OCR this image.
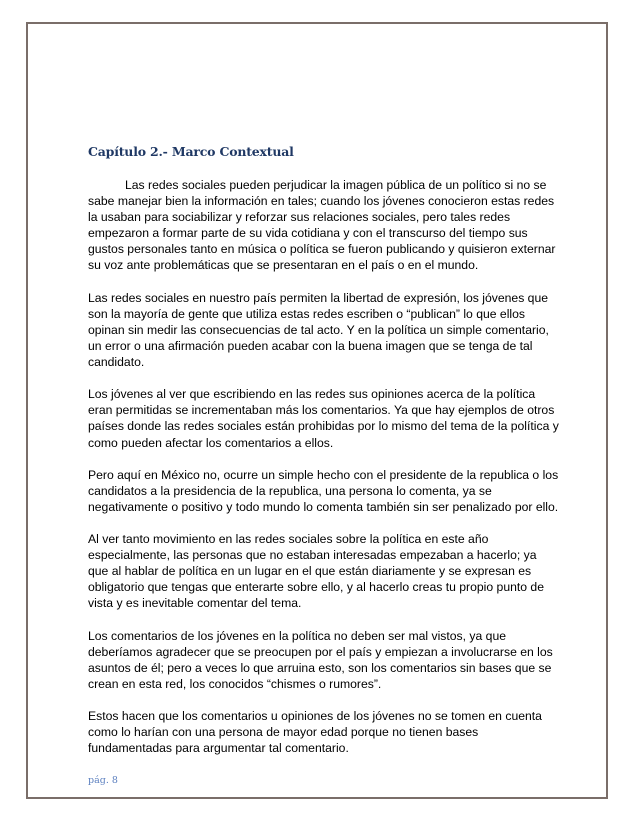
Capítulo 2.- Marco Contextual

Las redes sociales pueden perjudicar la imagen pública de un político si no se sabe manejar bien la información en tales; cuando los jóvenes conocieron estas redes la usaban para sociabilizar y reforzar sus relaciones sociales, pero tales redes empezaron a formar parte de su vida cotidiana y con el transcurso del tiempo sus gustos personales tanto en música o política se fueron publicando y quisieron externar su voz ante problemáticas que se presentaran en el país o en el mundo.

Las redes sociales en nuestro país permiten la libertad de expresión, los jóvenes que son la mayoría de gente que utiliza estas redes escriben o “publican” lo que ellos opinan sin medir las consecuencias de tal acto. Y en la política un simple comentario, un error o una afirmación pueden acabar con la buena imagen que se tenga de tal candidato.

Los jóvenes al ver que escribiendo en las redes sus opiniones acerca de la política eran permitidas se incrementaban más los comentarios. Ya que hay ejemplos de otros países donde las redes sociales están prohibidas por lo mismo del tema de la política y como pueden afectar los comentarios a ellos.

Pero aquí en México no, ocurre un simple hecho con el presidente de la republica o los candidatos a la presidencia de la republica, una persona lo comenta, ya se negativamente o positivo y todo mundo lo comenta también sin ser penalizado por ello.

Al ver tanto movimiento en las redes sociales sobre la política en este año especialmente, las personas que no estaban interesadas empezaban a hacerlo; ya que al hablar de política en un lugar en el que están diariamente y se expresan es obligatorio que tengas que enterarte sobre ello, y al hacerlo creas tu propio punto de vista y es inevitable comentar del tema.

Los comentarios de los jóvenes en la política no deben ser mal vistos, ya que deberíamos agradecer que se preocupen por el país y empiezan a involucrarse en los asuntos de él; pero a veces lo que arruina esto, son los comentarios sin bases que se crean en esta red, los conocidos “chismes o rumores”.

Estos hacen que los comentarios u opiniones de los jóvenes no se tomen en cuenta como lo harían con una persona de mayor edad porque no tienen bases fundamentadas para argumentar tal comentario.

pág. 8
